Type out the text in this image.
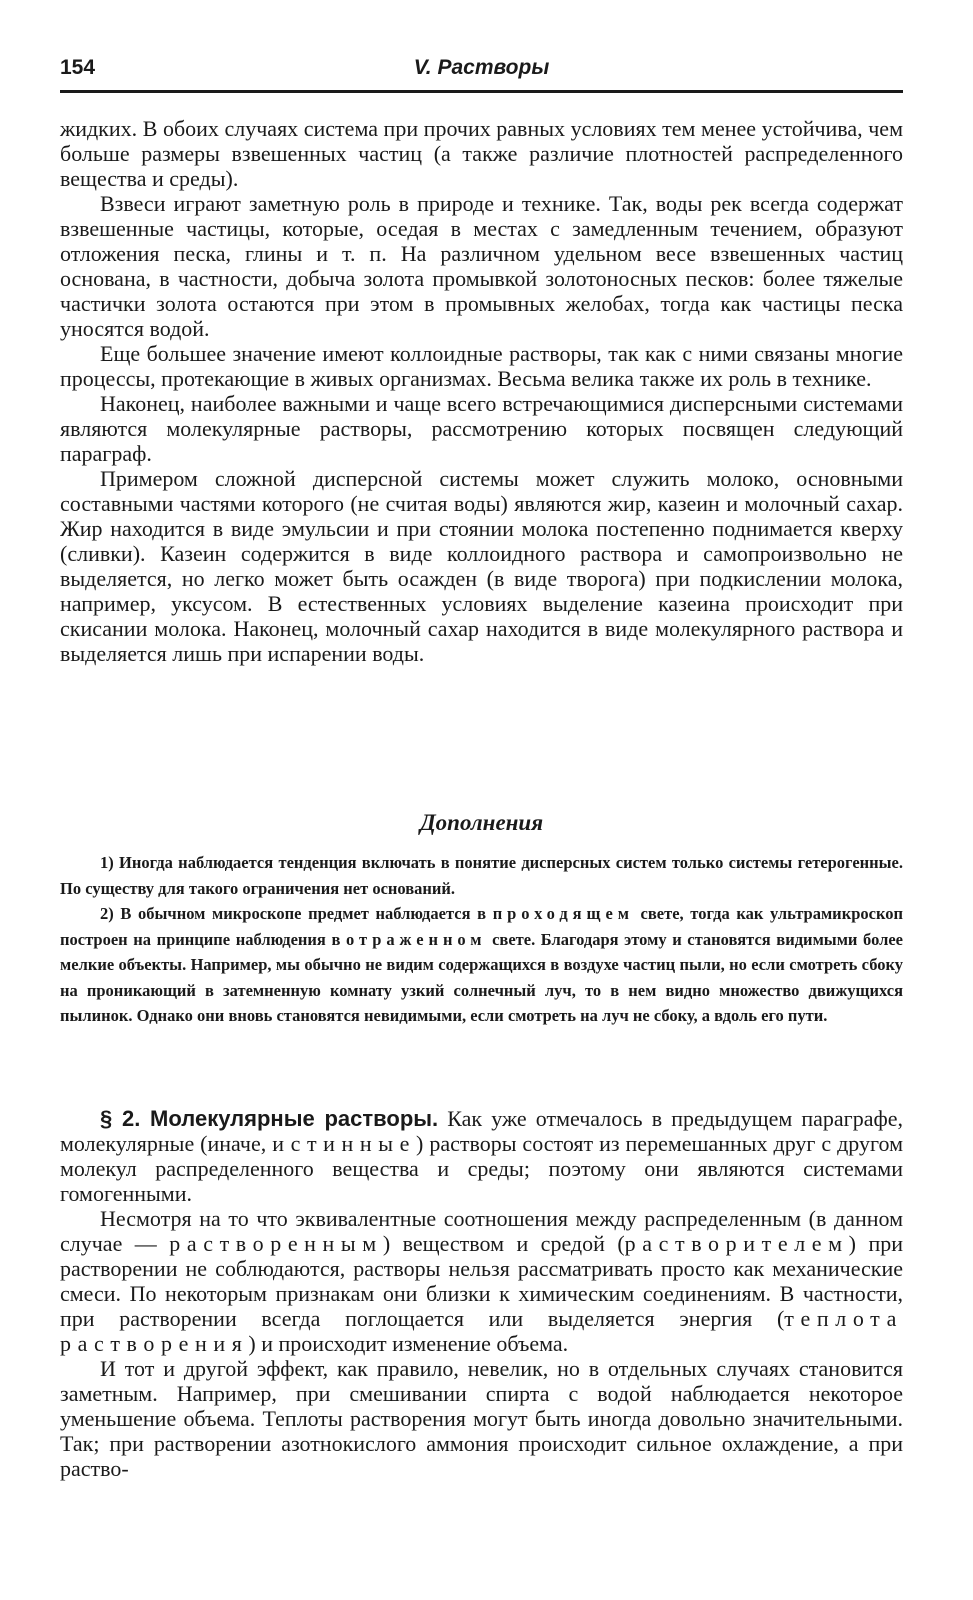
154	V. Растворы

жидких. В обоих случаях система при прочих равных условиях тем менее устойчива, чем больше размеры взвешенных частиц (а также различие плотностей распределенного вещества и среды).

Взвеси играют заметную роль в природе и технике. Так, воды рек всегда содержат взвешенные частицы, которые, оседая в местах с замедленным течением, образуют отложения песка, глины и т. п. На различном удельном весе взвешенных частиц основана, в частности, добыча золота промывкой золотоносных песков: более тяжелые частички золота остаются при этом в промывных желобах, тогда как частицы песка уносятся водой.

Еще большее значение имеют коллоидные растворы, так как с ними связаны многие процессы, протекающие в живых организмах. Весьма велика также их роль в технике.

Наконец, наиболее важными и чаще всего встречающимися дисперсными системами являются молекулярные растворы, рассмотрению которых посвящен следующий параграф.

Примером сложной дисперсной системы может служить молоко, основными составными частями которого (не считая воды) являются жир, казеин и молочный сахар. Жир находится в виде эмульсии и при стоянии молока постепенно поднимается кверху (сливки). Казеин содержится в виде коллоидного раствора и самопроизвольно не выделяется, но легко может быть осажден (в виде творога) при подкислении молока, например, уксусом. В естественных условиях выделение казеина происходит при скисании молока. Наконец, молочный сахар находится в виде молекулярного раствора и выделяется лишь при испарении воды.

Дополнения

1) Иногда наблюдается тенденция включать в понятие дисперсных систем только системы гетерогенные. По существу для такого ограничения нет оснований.

2) В обычном микроскопе предмет наблюдается в проходящем свете, тогда как ультрамикроскоп построен на принципе наблюдения в отраженном свете. Благодаря этому и становятся видимыми более мелкие объекты. Например, мы обычно не видим содержащихся в воздухе частиц пыли, но если смотреть сбоку на проникающий в затемненную комнату узкий солнечный луч, то в нем видно множество движущихся пылинок. Однако они вновь становятся невидимыми, если смотреть на луч не сбоку, а вдоль его пути.

§ 2. Молекулярные растворы. Как уже отмечалось в предыдущем параграфе, молекулярные (иначе, истинные) растворы состоят из перемешанных друг с другом молекул распределенного вещества и среды; поэтому они являются системами гомогенными.

Несмотря на то что эквивалентные соотношения между распределенным (в данном случае — растворенным) веществом и средой (растворителем) при растворении не соблюдаются, растворы нельзя рассматривать просто как механические смеси. По некоторым признакам они близки к химическим соединениям. В частности, при растворении всегда поглощается или выделяется энергия (теплота растворения) и происходит изменение объема.

И тот и другой эффект, как правило, невелик, но в отдельных случаях становится заметным. Например, при смешивании спирта с водой наблюдается некоторое уменьшение объема. Теплоты растворения могут быть иногда довольно значительными. Так; при растворении азотнокислого аммония происходит сильное охлаждение, а при раство-
